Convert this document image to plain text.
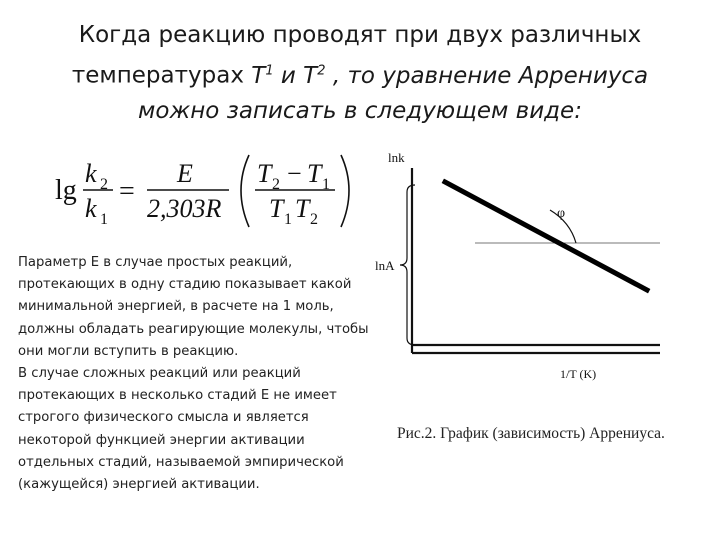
Когда реакцию проводят при двух различных
температурах $T^1$ и $T^2$ , то уравнение Аррениуса
можно записать в следующем виде:
lg
k 2
k 1
=
E
2,303R
T 2 − T 1
T 1 T 2

Параметр Е в случае простых реакций, протекающих в одну стадию показывает какой минимальной энергией, в расчете на 1 моль, должны обладать реагирующие молекулы, чтобы они могли вступить в реакцию.

В случае сложных реакций или реакций протекающих в несколько стадий Е не имеет строгого физического смысла и является некоторой функцией энергии активации отдельных стадий, называемой эмпирической (кажущейся) энергией активации.

lnk
lnA
φ
1/T (K)
Рис.2. График (зависимость) Аррениуса.
